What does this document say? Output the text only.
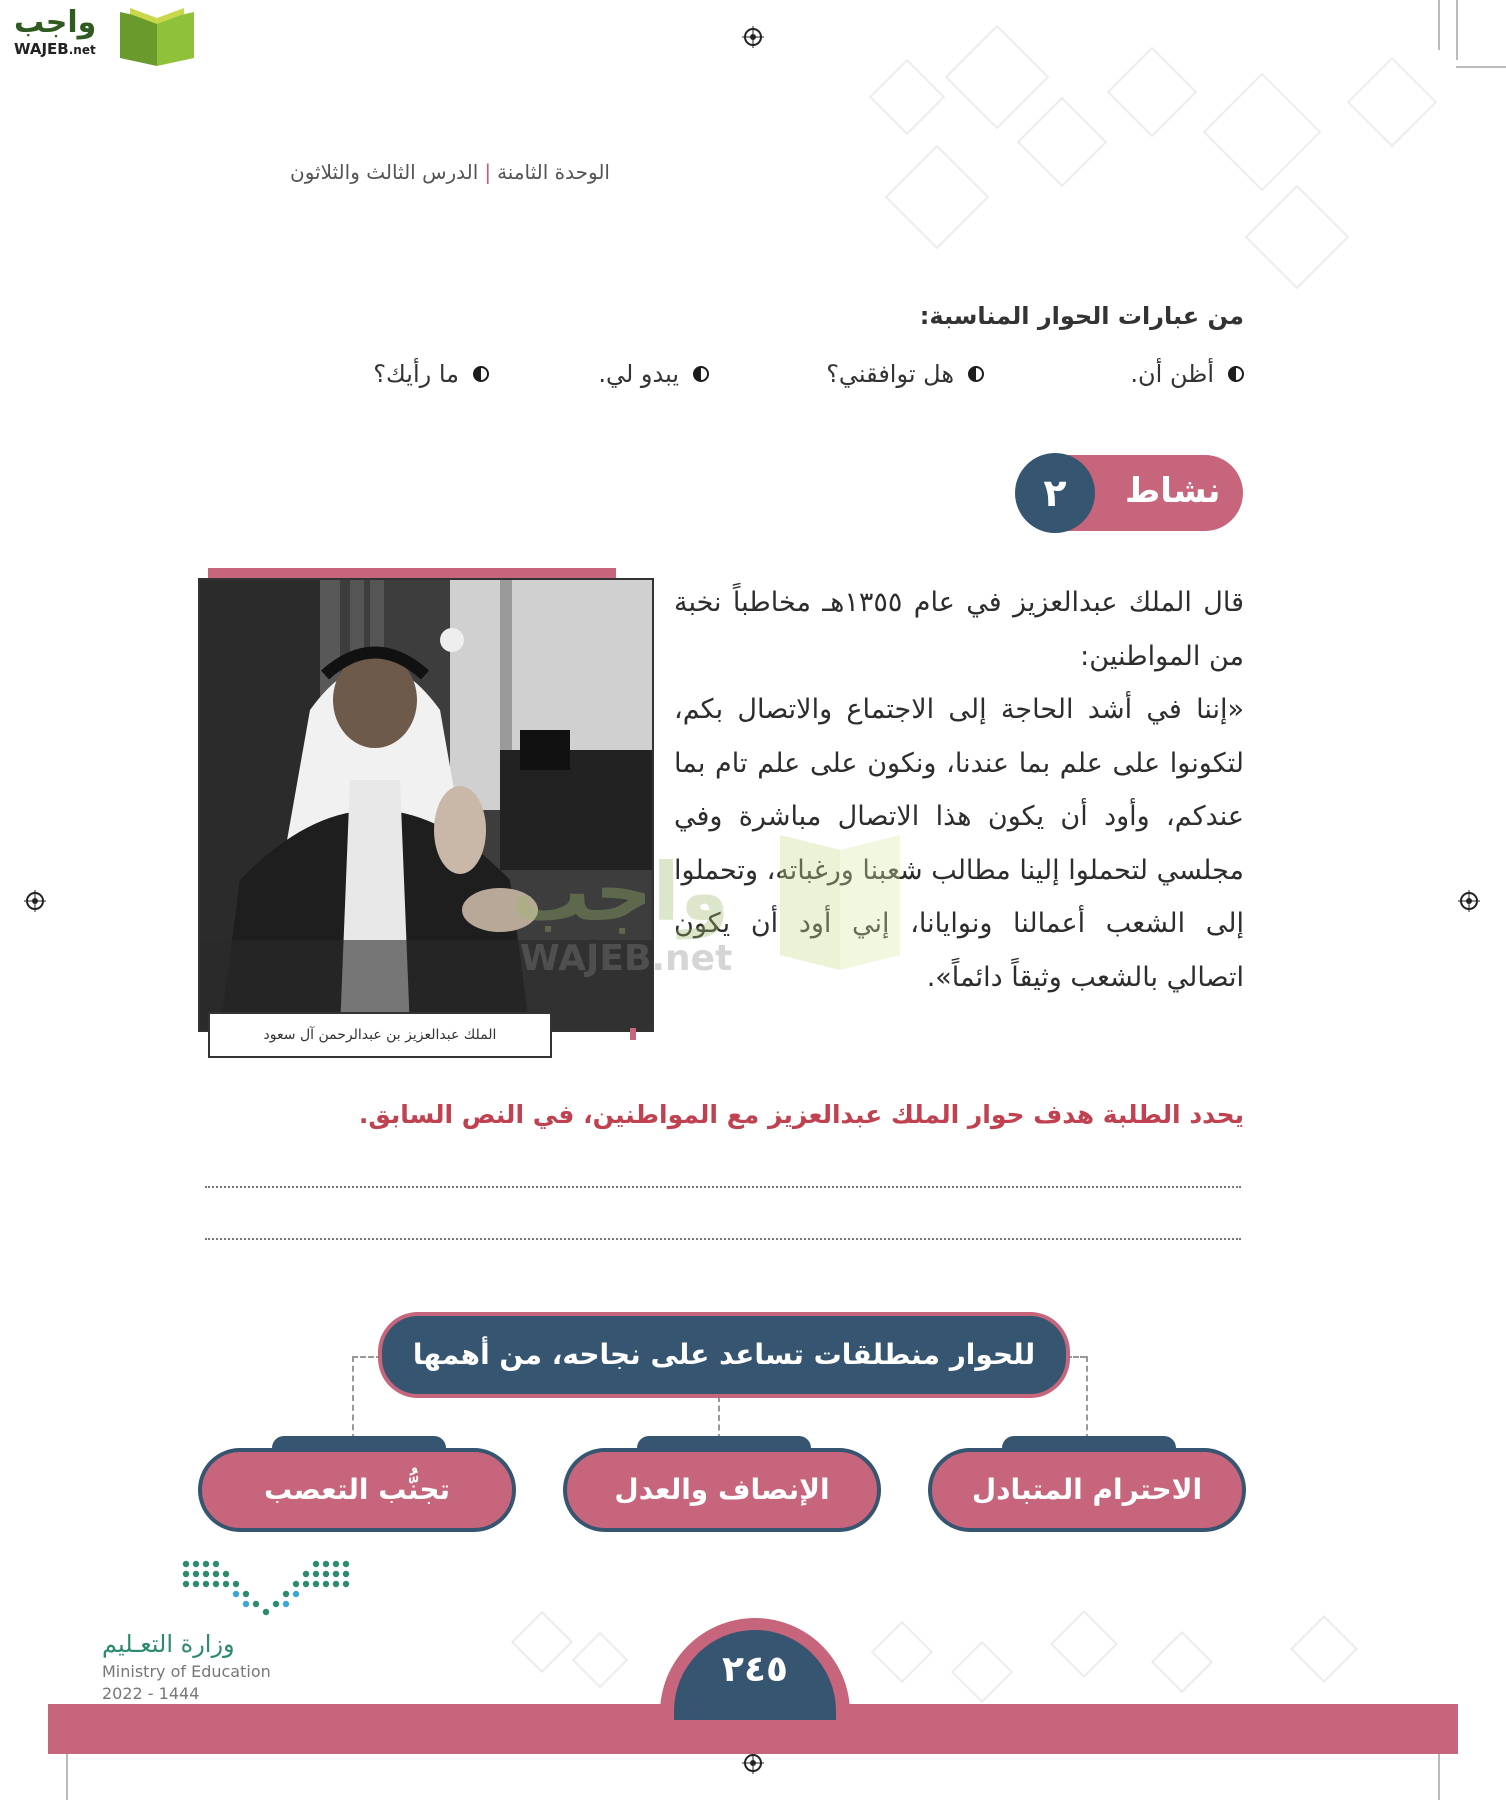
واجب
WAJEB.net
الوحدة الثامنة|الدرس الثالث والثلاثون
من عبارات الحوار المناسبة:
أظن أن.
هل توافقني؟
يبدو لي.
ما رأيك؟
نشاط
٢
الملك عبدالعزيز بن عبدالرحمن آل سعود

قال الملك عبدالعزيز في عام ١٣٥٥هـ مخاطباً نخبة من المواطنين:

«إننا في أشد الحاجة إلى الاجتماع والاتصال بكم، لتكونوا على علم بما عندنا، ونكون على علم تام بما عندكم، وأود أن يكون هذا الاتصال مباشرة وفي مجلسي لتحملوا إلينا مطالب شعبنا ورغباته، وتحملوا إلى الشعب أعمالنا ونوايانا، إني أود أن يكون اتصالي بالشعب وثيقاً دائماً».

واجب
WAJEB.net
يحدد الطلبة هدف حوار الملك عبدالعزيز مع المواطنين، في النص السابق.
للحوار منطلقات تساعد على نجاحه، من أهمها
الاحترام المتبادل
الإنصاف والعدل
تجنُّب التعصب
وزارة التعـليم
Ministry of Education
2022 - 1444
٢٤٥
